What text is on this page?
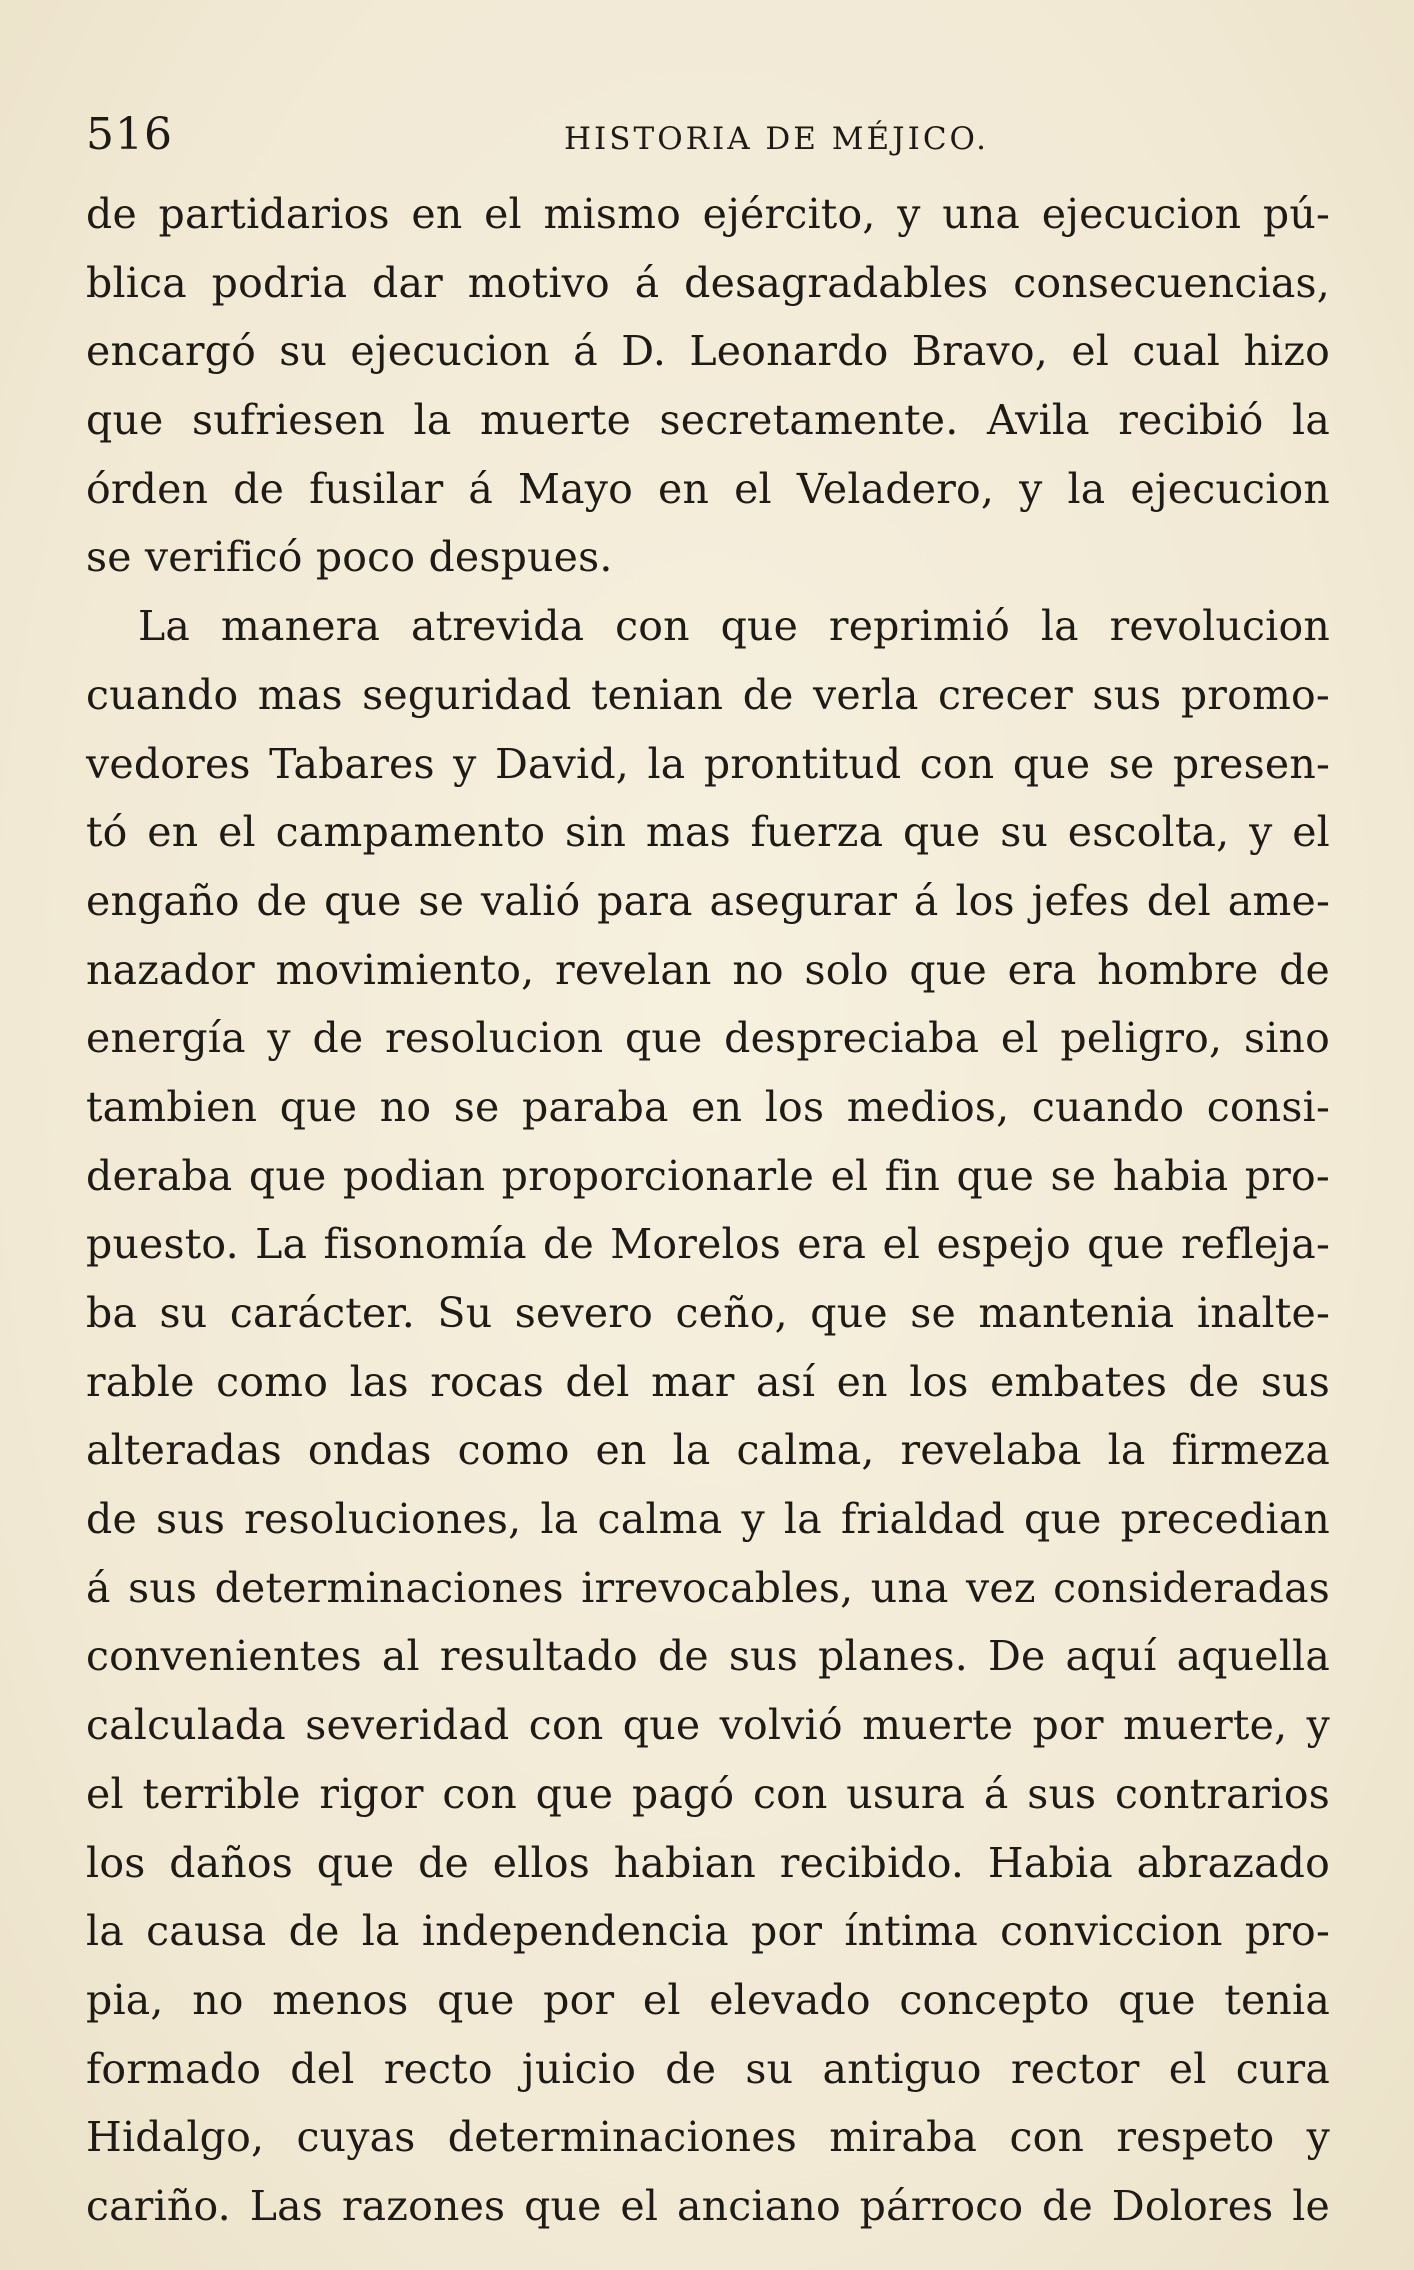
516	HISTORIA DE MÉJICO.
de partidarios en el mismo ejército, y una ejecucion pú-
blica podria dar motivo á desagradables consecuencias,
encargó su ejecucion á D. Leonardo Bravo, el cual hizo
que sufriesen la muerte secretamente. Avila recibió la
órden de fusilar á Mayo en el Veladero, y la ejecucion
se verificó poco despues.
La manera atrevida con que reprimió la revolucion
cuando mas seguridad tenian de verla crecer sus promo-
vedores Tabares y David, la prontitud con que se presen-
tó en el campamento sin mas fuerza que su escolta, y el
engaño de que se valió para asegurar á los jefes del ame-
nazador movimiento, revelan no solo que era hombre de
energía y de resolucion que despreciaba el peligro, sino
tambien que no se paraba en los medios, cuando consi-
deraba que podian proporcionarle el fin que se habia pro-
puesto. La fisonomía de Morelos era el espejo que refleja-
ba su carácter. Su severo ceño, que se mantenia inalte-
rable como las rocas del mar así en los embates de sus
alteradas ondas como en la calma, revelaba la firmeza
de sus resoluciones, la calma y la frialdad que precedian
á sus determinaciones irrevocables, una vez consideradas
convenientes al resultado de sus planes. De aquí aquella
calculada severidad con que volvió muerte por muerte, y
el terrible rigor con que pagó con usura á sus contrarios
los daños que de ellos habian recibido. Habia abrazado
la causa de la independencia por íntima conviccion pro-
pia, no menos que por el elevado concepto que tenia
formado del recto juicio de su antiguo rector el cura
Hidalgo, cuyas determinaciones miraba con respeto y
cariño. Las razones que el anciano párroco de Dolores le
